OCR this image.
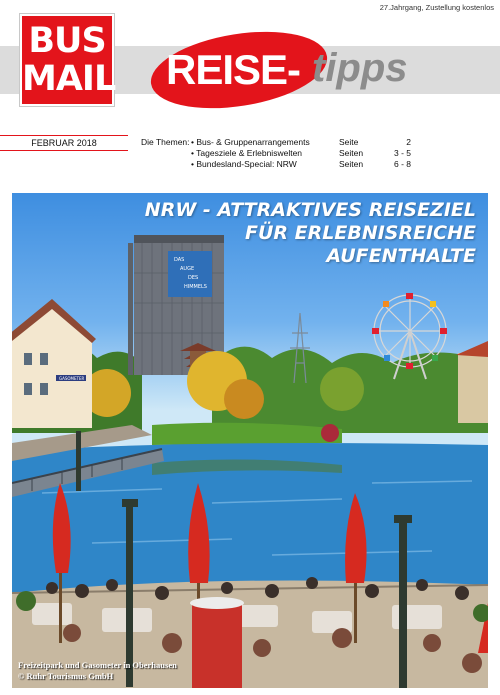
27.Jahrgang, Zustellung kostenlos
BUS
MAIL REISE- tipps
FEBRUAR 2018	Die Themen: • Bus- & Gruppenarrangements	Seite	2
• Tagesziele & Erlebniswelten	Seiten	3 - 5
• Bundesland-Special: NRW	Seiten	6 - 8
DAS
AUGE
DES
HIMMELS
GASOMETER
NRW - ATTRAKTIVES REISEZIEL
FÜR ERLEBNISREICHE
AUFENTHALTE
Freizeitpark und Gasometer in Oberhausen
© Ruhr Tourismus GmbH
